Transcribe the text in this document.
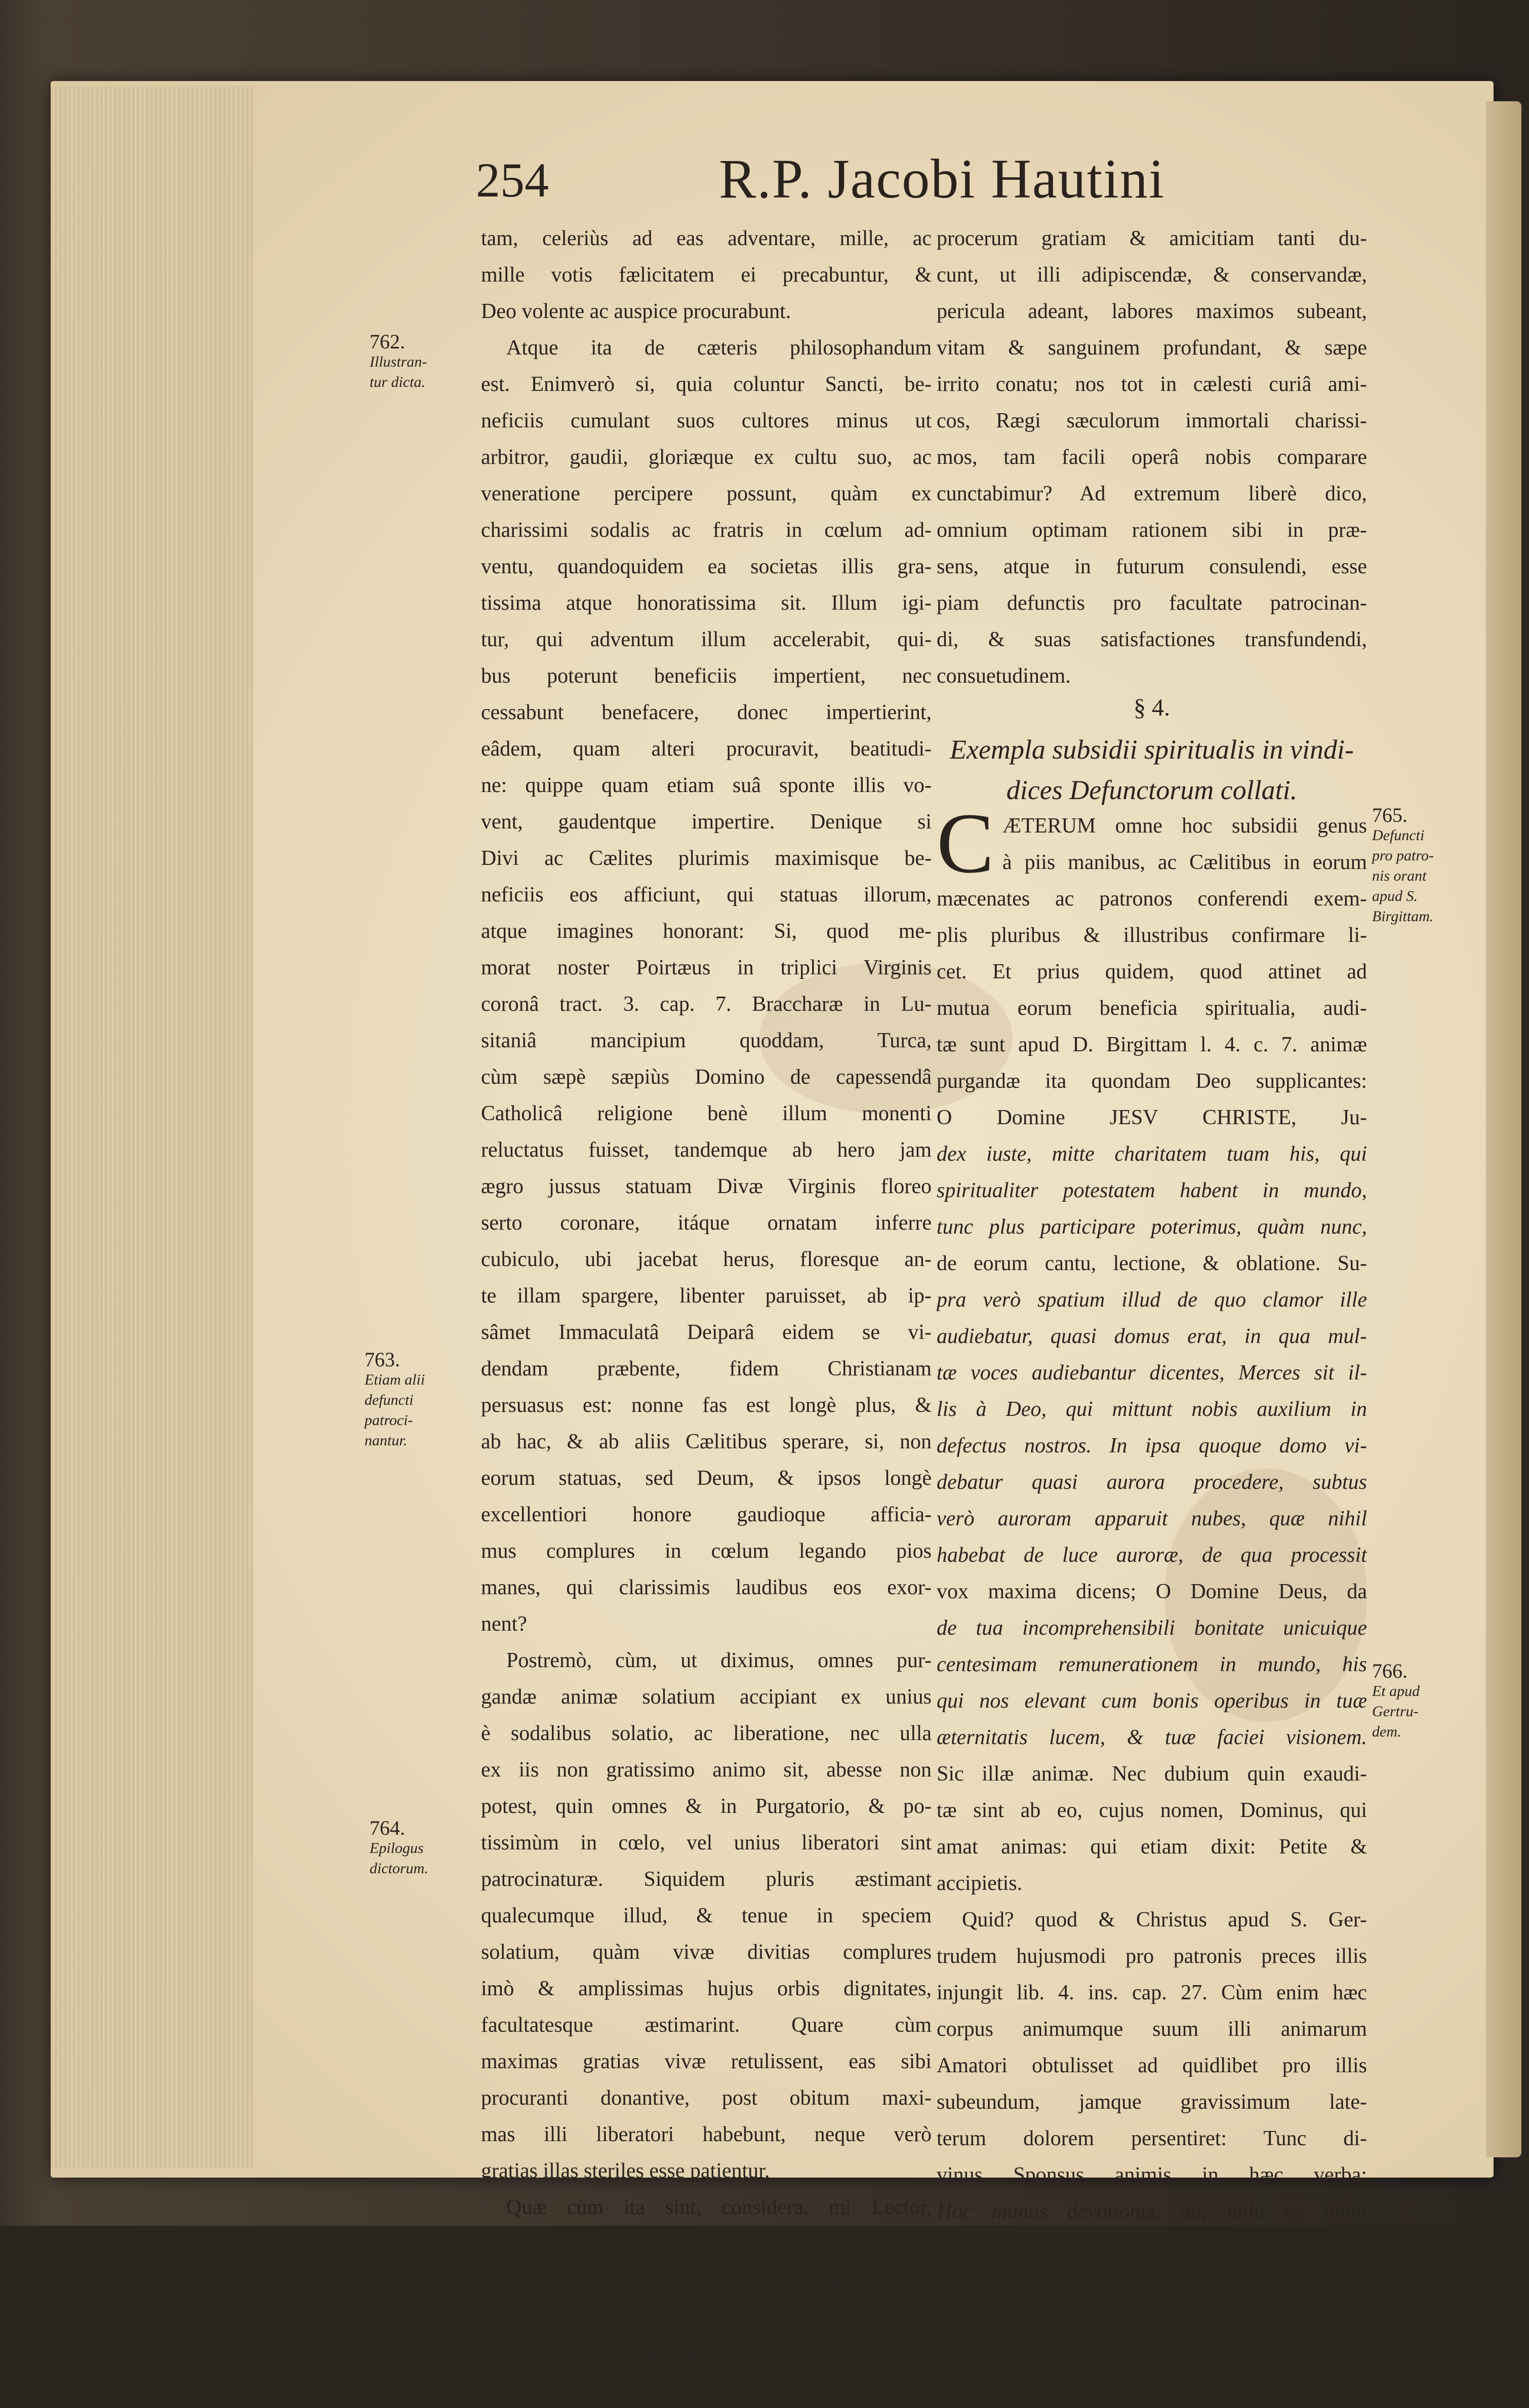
254	R.P. Jacobi Hautini
tam, celeriùs ad eas adventare, mille, ac
mille votis fælicitatem ei precabuntur, &
Deo volente ac auspice procurabunt.
Atque ita de cæteris philosophandum
est. Enimverò si, quia coluntur Sancti, be-
neficiis cumulant suos cultores minus ut
arbitror, gaudii, gloriæque ex cultu suo, ac
veneratione percipere possunt, quàm ex
charissimi sodalis ac fratris in cœlum ad-
ventu, quandoquidem ea societas illis gra-
tissima atque honoratissima sit. Illum igi-
tur, qui adventum illum accelerabit, qui-
bus poterunt beneficiis impertient, nec
cessabunt benefacere, donec impertierint,
eâdem, quam alteri procuravit, beatitudi-
ne: quippe quam etiam suâ sponte illis vo-
vent, gaudentque impertire. Denique si
Divi ac Cælites plurimis maximisque be-
neficiis eos afficiunt, qui statuas illorum,
atque imagines honorant: Si, quod me-
morat noster Poirtæus in triplici Virginis
coronâ tract. 3. cap. 7. Braccharæ in Lu-
sitaniâ mancipium quoddam, Turca,
cùm sæpè sæpiùs Domino de capessendâ
Catholicâ religione benè illum monenti
reluctatus fuisset, tandemque ab hero jam
ægro jussus statuam Divæ Virginis floreo
serto coronare, itáque ornatam inferre
cubiculo, ubi jacebat herus, floresque an-
te illam spargere, libenter paruisset, ab ip-
sâmet Immaculatâ Deiparâ eidem se vi-
dendam præbente, fidem Christianam
persuasus est: nonne fas est longè plus, &
ab hac, & ab aliis Cælitibus sperare, si, non
eorum statuas, sed Deum, & ipsos longè
excellentiori honore gaudioque afficia-
mus complures in cœlum legando pios
manes, qui clarissimis laudibus eos exor-
nent?
Postremò, cùm, ut diximus, omnes pur-
gandæ animæ solatium accipiant ex unius
è sodalibus solatio, ac liberatione, nec ulla
ex iis non gratissimo animo sit, abesse non
potest, quin omnes & in Purgatorio, & po-
tissimùm in cœlo, vel unius liberatori sint
patrocinaturæ. Siquidem pluris æstimant
qualecumque illud, & tenue in speciem
solatium, quàm vivæ divitias complures
imò & amplissimas hujus orbis dignitates,
facultatesque æstimarint. Quare cùm
maximas gratias vivæ retulissent, eas sibi
procuranti donantive, post obitum maxi-
mas illi liberatori habebunt, neque verò
gratias illas steriles esse patientur.
Quæ cùm ita sint, considera, mi Lector,
quot amicos, quot patronos, & quàm po-
tentes ac Deo gratiosos tibi parias, dum,
levandis piis manibus te addicis, & si quid
te movet ratio utilitatis veræ, ac solidæ, to-
tum te illi impende. Nam si mortales
procerum gratiam & amicitiam tanti du-
cunt, ut illi adipiscendæ, & conservandæ,
pericula adeant, labores maximos subeant,
vitam & sanguinem profundant, & sæpe
irrito conatu; nos tot in cælesti curiâ ami-
cos, Rægi sæculorum immortali charissi-
mos, tam facili operâ nobis comparare
cunctabimur? Ad extremum liberè dico,
omnium optimam rationem sibi in præ-
sens, atque in futurum consulendi, esse
piam defunctis pro facultate patrocinan-
di, & suas satisfactiones transfundendi,
consuetudinem.
§ 4.
Exempla subsidii spiritualis in vindi-
dices Defunctorum collati.
C ÆTERUM omne hoc subsidii genus
à piis manibus, ac Cælitibus in eorum
mæcenates ac patronos conferendi exem-
plis pluribus & illustribus confirmare li-
cet. Et prius quidem, quod attinet ad
mutua eorum beneficia spiritualia, audi-
tæ sunt apud D. Birgittam l. 4. c. 7. animæ
purgandæ ita quondam Deo supplicantes:
O Domine JESV CHRISTE, Ju-
dex iuste, mitte charitatem tuam his, qui
spiritualiter potestatem habent in mundo,
tunc plus participare poterimus, quàm nunc,
de eorum cantu, lectione, & oblatione. Su-
pra verò spatium illud de quo clamor ille
audiebatur, quasi domus erat, in qua mul-
tæ voces audiebantur dicentes, Merces sit il-
lis à Deo, qui mittunt nobis auxilium in
defectus nostros. In ipsa quoque domo vi-
debatur quasi aurora procedere, subtus
verò auroram apparuit nubes, quæ nihil
habebat de luce auroræ, de qua processit
vox maxima dicens; O Domine Deus, da
de tua incomprehensibili bonitate unicuique
centesimam remunerationem in mundo, his
qui nos elevant cum bonis operibus in tuæ
æternitatis lucem, & tuæ faciei visionem.
Sic illæ animæ. Nec dubium quin exaudi-
tæ sint ab eo, cujus nomen, Dominus, qui
amat animas: qui etiam dixit: Petite &
accipietis.
Quid? quod & Christus apud S. Ger-
trudem hujusmodi pro patronis preces illis
injungit lib. 4. ins. cap. 27. Cùm enim hæc
corpus animumque suum illi animarum
Amatori obtulisset ad quidlibet pro illis
subeundum, jamque gravissimum late-
terum dolorem persentiret: Tunc di-
vinus Sponsus animis in hæc verba:
Hoc munus devotionis, ait, mihi ex tanto
affectu à Sponsa meâ oblatum, exhibeo vobis
in cumu-
762.
Illustran-
tur dicta.
763.
Etiam alii
defuncti
patroci-
nantur.
764.
Epilogus
dictorum.
765.
Defuncti
pro patro-
nis orant
apud S.
Birgittam.
766.
Et apud
Gertru-
dem.
